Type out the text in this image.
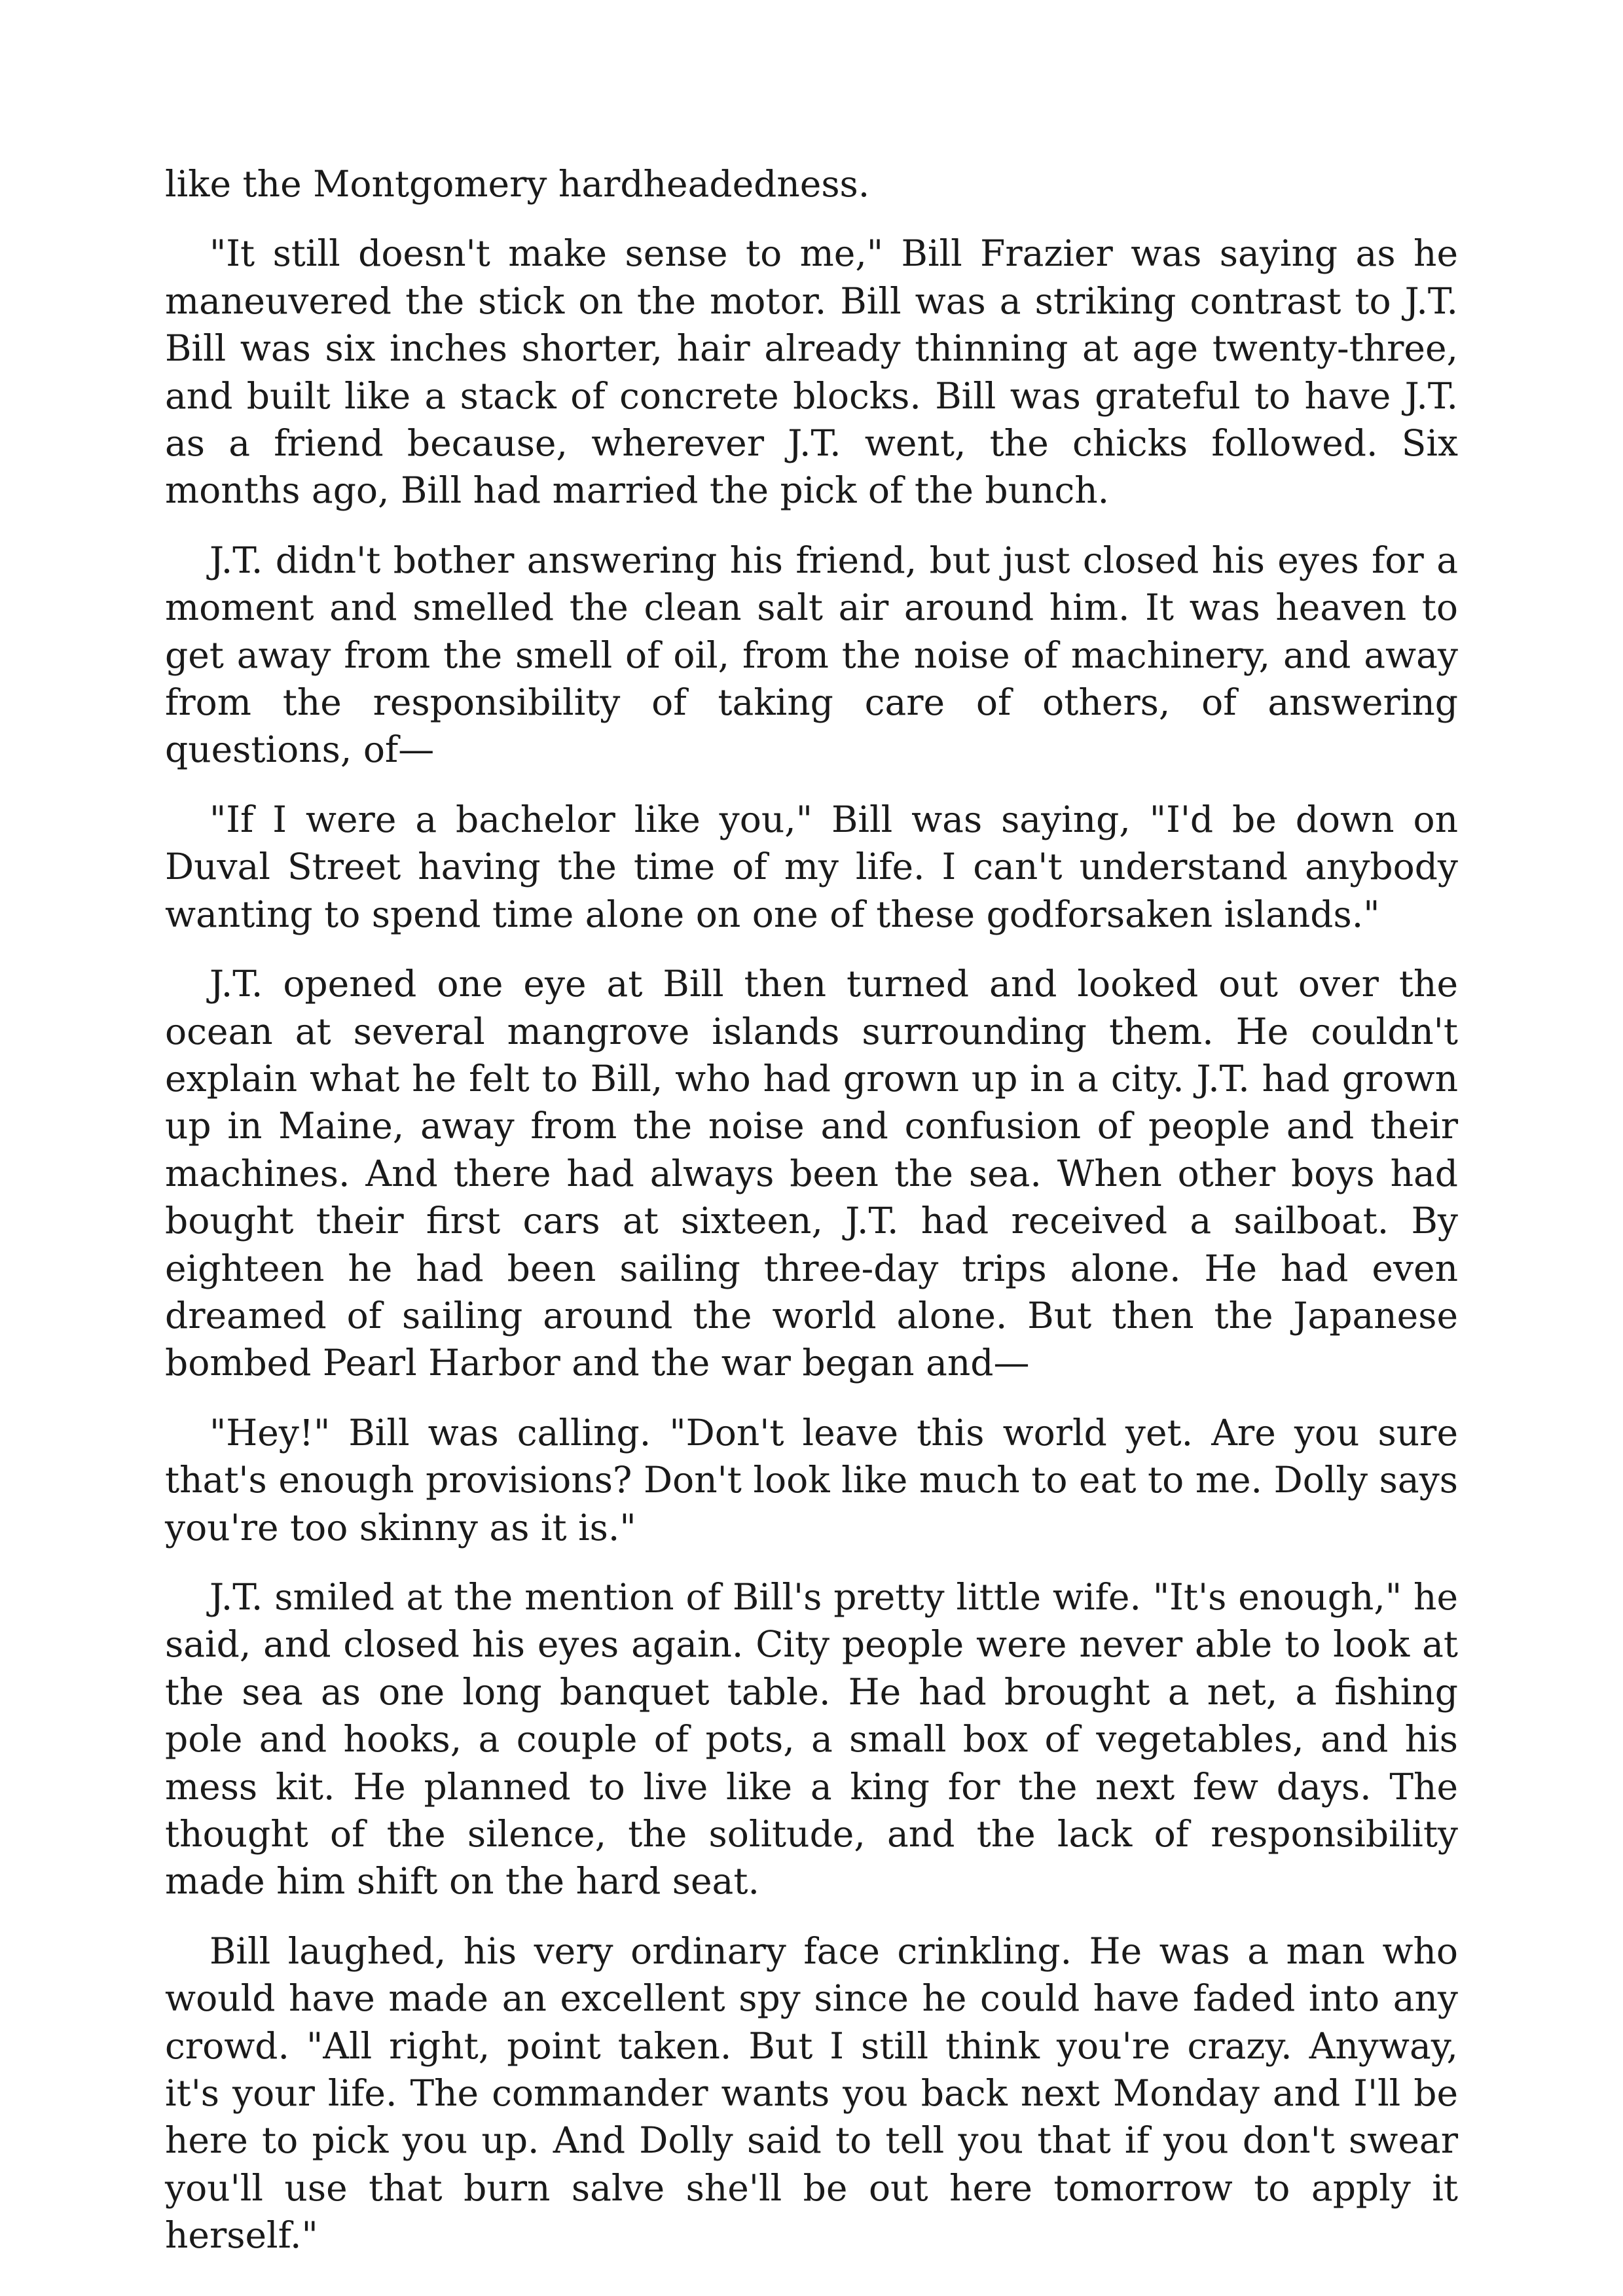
like the Montgomery hardheadedness.

"It still doesn't make sense to me," Bill Frazier was saying as he maneuvered the stick on the motor. Bill was a striking contrast to J.T. Bill was six inches shorter, hair already thinning at age twenty-three, and built like a stack of concrete blocks. Bill was grateful to have J.T. as a friend because, wherever J.T. went, the chicks followed. Six months ago, Bill had married the pick of the bunch.

J.T. didn't bother answering his friend, but just closed his eyes for a moment and smelled the clean salt air around him. It was heaven to get away from the smell of oil, from the noise of machinery, and away from the responsibility of taking care of others, of answering questions, of—

"If I were a bachelor like you," Bill was saying, "I'd be down on Duval Street having the time of my life. I can't understand anybody wanting to spend time alone on one of these godforsaken islands."

J.T. opened one eye at Bill then turned and looked out over the ocean at several mangrove islands surrounding them. He couldn't explain what he felt to Bill, who had grown up in a city. J.T. had grown up in Maine, away from the noise and confusion of people and their machines. And there had always been the sea. When other boys had bought their first cars at sixteen, J.T. had received a sailboat. By eighteen he had been sailing three-day trips alone. He had even dreamed of sailing around the world alone. But then the Japanese bombed Pearl Harbor and the war began and—

"Hey!" Bill was calling. "Don't leave this world yet. Are you sure that's enough provisions? Don't look like much to eat to me. Dolly says you're too skinny as it is."

J.T. smiled at the mention of Bill's pretty little wife. "It's enough," he said, and closed his eyes again. City people were never able to look at the sea as one long banquet table. He had brought a net, a fishing pole and hooks, a couple of pots, a small box of vegetables, and his mess kit. He planned to live like a king for the next few days. The thought of the silence, the solitude, and the lack of responsibility made him shift on the hard seat.

Bill laughed, his very ordinary face crinkling. He was a man who would have made an excellent spy since he could have faded into any crowd. "All right, point taken. But I still think you're crazy. Anyway, it's your life. The commander wants you back next Monday and I'll be here to pick you up. And Dolly said to tell you that if you don't swear you'll use that burn salve she'll be out here tomorrow to apply it herself."
